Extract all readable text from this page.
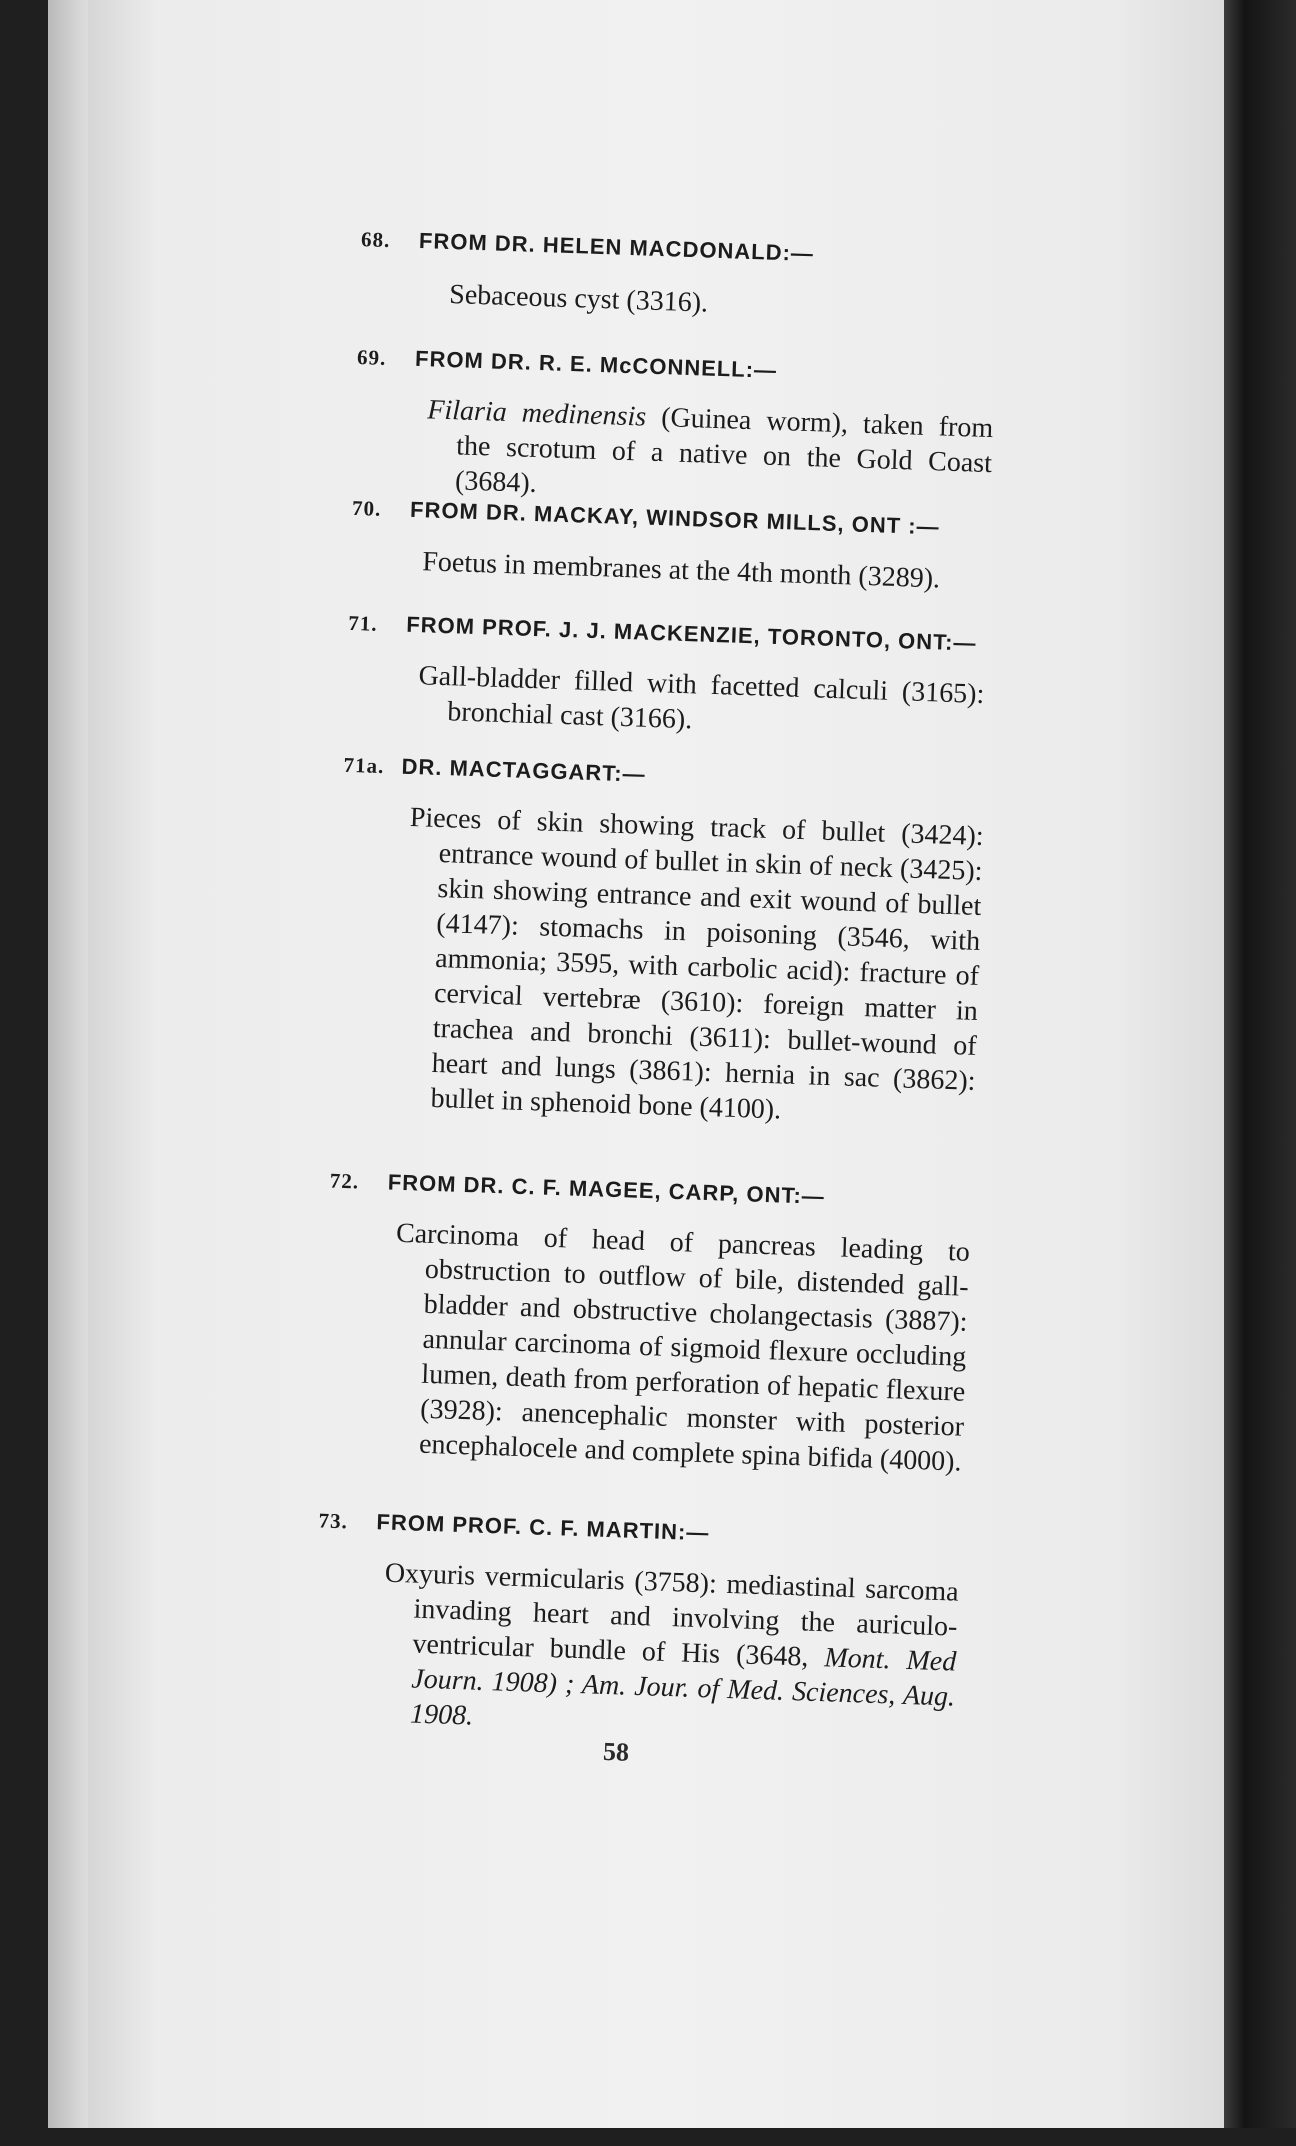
68. FROM DR. HELEN MACDONALD:—
Sebaceous cyst (3316).
69. FROM DR. R. E. McCONNELL:—
Filaria medinensis (Guinea worm), taken from the scrotum of a native on the Gold Coast (3684).
70. FROM DR. MACKAY, WINDSOR MILLS, ONT :—
Foetus in membranes at the 4th month (3289).
71. FROM PROF. J. J. MACKENZIE, TORONTO, ONT:—
Gall-bladder filled with facetted calculi (3165): bronchial cast (3166).
71a. DR. MACTAGGART:—
Pieces of skin showing track of bullet (3424): entrance wound of bullet in skin of neck (3425): skin showing entrance and exit wound of bullet (4147): stomachs in poisoning (3546, with ammonia; 3595, with carbolic acid): fracture of cervical vertebræ (3610): foreign matter in trachea and bronchi (3611): bullet-wound of heart and lungs (3861): hernia in sac (3862): bullet in sphenoid bone (4100).
72. FROM DR. C. F. MAGEE, CARP, ONT:—
Carcinoma of head of pancreas leading to obstruction to outflow of bile, distended gall-bladder and obstructive cholangectasis (3887): annular carcinoma of sigmoid flexure occluding lumen, death from perforation of hepatic flexure (3928): anencephalic monster with posterior encephalocele and complete spina bifida (4000).
73. FROM PROF. C. F. MARTIN:—
Oxyuris vermicularis (3758): mediastinal sarcoma invading heart and involving the auriculo-ventricular bundle of His (3648, Mont. Med Journ. 1908) ; Am. Jour. of Med. Sciences, Aug. 1908.
58
